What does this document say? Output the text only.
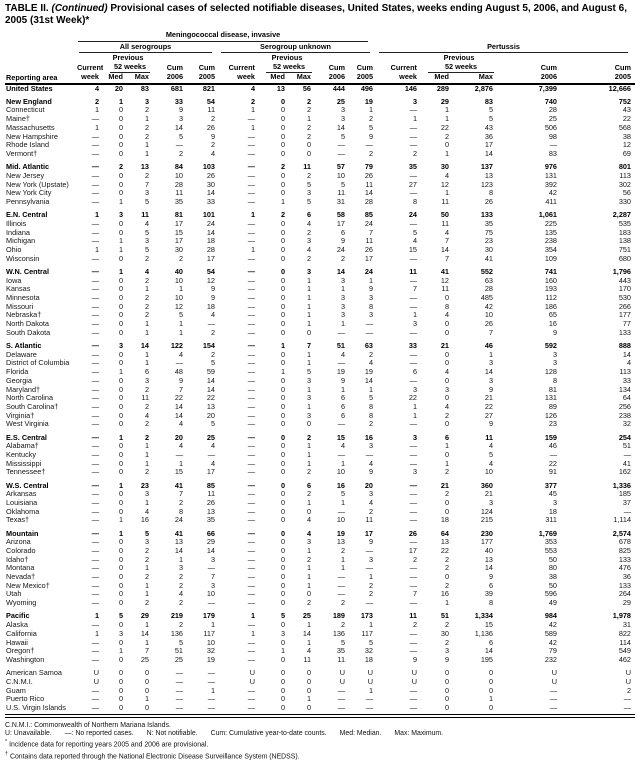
TABLE II. (Continued) Provisional cases of selected notifiable diseases, United States, weeks ending August 5, 2006, and August 6, 2005 (31st Week)*
Reporting area	Meningococcal disease, invasive														

	All serogroups					Serogroup unknown					Pertussis				

		Previous					Previous					Previous			
	Current	52 weeks		Cum	Cum	Current	52 weeks		Cum	Cum	Current	52 weeks		Cum	Cum
	week	Med	Max	2006	2005	week	Med	Max	2006	2005	week	Med	Max	2006	2005
United States	4	20	83	681	821	4	13	56	444	496	146	289	2,876	7,399	12,666
New England	2	1	3	33	54	2	0	2	25	19	3	29	83	740	752
Connecticut	1	0	2	9	11	1	0	2	3	1	—	1	5	28	43
Maine†	—	0	1	3	2	—	0	1	3	2	1	1	5	25	22
Massachusetts	1	0	2	14	26	1	0	2	14	5	—	22	43	506	568
New Hampshire	—	0	2	5	9	—	0	2	5	9	—	2	36	98	38
Rhode Island	—	0	1	—	2	—	0	0	—	—	—	0	17	—	12
Vermont†	—	0	1	2	4	—	0	0	—	2	2	1	14	83	69
Mid. Atlantic	—	2	13	84	103	—	2	11	57	79	35	30	137	976	801
New Jersey	—	0	2	10	26	—	0	2	10	26	—	4	13	131	113
New York (Upstate)	—	0	7	28	30	—	0	5	5	11	27	12	123	392	302
New York City	—	0	3	11	14	—	0	3	11	14	—	1	8	42	56
Pennsylvania	—	1	5	35	33	—	1	5	31	28	8	11	26	411	330
E.N. Central	1	3	11	81	101	1	2	6	58	85	24	50	133	1,061	2,287
Illinois	—	0	4	17	24	—	0	4	17	24	—	11	35	225	535
Indiana	—	0	5	15	14	—	0	2	6	7	5	4	75	135	183
Michigan	—	1	3	17	18	—	0	3	9	11	4	7	23	238	138
Ohio	1	1	5	30	28	1	0	4	24	26	15	14	30	354	751
Wisconsin	—	0	2	2	17	—	0	2	2	17	—	7	41	109	680
W.N. Central	—	1	4	40	54	—	0	3	14	24	11	41	552	741	1,796
Iowa	—	0	2	10	12	—	0	1	3	1	—	12	63	160	443
Kansas	—	0	1	1	9	—	0	1	1	9	7	11	28	193	170
Minnesota	—	0	2	10	9	—	0	1	3	3	—	0	485	112	530
Missouri	—	0	2	12	18	—	0	1	3	8	—	8	42	186	266
Nebraska†	—	0	2	5	4	—	0	1	3	3	1	4	10	65	177
North Dakota	—	0	1	1	—	—	0	1	1	—	3	0	26	16	77
South Dakota	—	0	1	1	2	—	0	0	—	—	—	0	7	9	133
S. Atlantic	—	3	14	122	154	—	1	7	51	63	33	21	46	592	888
Delaware	—	0	1	4	2	—	0	1	4	2	—	0	1	3	14
District of Columbia	—	0	1	—	5	—	0	1	—	4	—	0	3	3	4
Florida	—	1	6	48	59	—	1	5	19	19	6	4	14	128	113
Georgia	—	0	3	9	14	—	0	3	9	14	—	0	3	8	33
Maryland†	—	0	2	7	14	—	0	1	1	1	3	3	9	81	134
North Carolina	—	0	11	22	22	—	0	3	6	5	22	0	21	131	64
South Carolina†	—	0	2	14	13	—	0	1	6	8	1	4	22	89	256
Virginia†	—	0	4	14	20	—	0	3	6	8	1	2	27	126	238
West Virginia	—	0	2	4	5	—	0	0	—	2	—	0	9	23	32
E.S. Central	—	1	2	20	25	—	0	2	15	16	3	6	11	159	254
Alabama†	—	0	1	4	4	—	0	1	4	3	—	1	4	46	51
Kentucky	—	0	1	—	—	—	0	1	—	—	—	0	5	—	—
Mississippi	—	0	1	1	4	—	0	1	1	4	—	1	4	22	41
Tennessee†	—	0	2	15	17	—	0	2	10	9	3	2	10	91	162
W.S. Central	—	1	23	41	85	—	0	6	16	20	—	21	360	377	1,336
Arkansas	—	0	3	7	11	—	0	2	5	3	—	2	21	45	185
Louisiana	—	0	1	2	26	—	0	1	1	4	—	0	3	3	37
Oklahoma	—	0	4	8	13	—	0	0	—	2	—	0	124	18	—
Texas†	—	1	16	24	35	—	0	4	10	11	—	18	215	311	1,114
Mountain	—	1	5	41	66	—	0	4	19	17	26	64	230	1,769	2,574
Arizona	—	0	3	13	29	—	0	3	13	9	—	13	177	353	678
Colorado	—	0	2	14	14	—	0	1	2	—	17	22	40	553	825
Idaho†	—	0	2	1	3	—	0	2	1	3	2	2	13	50	133
Montana	—	0	1	3	—	—	0	1	1	—	—	2	14	80	476
Nevada†	—	0	2	2	7	—	0	1	—	1	—	0	9	38	36
New Mexico†	—	0	1	2	3	—	0	1	—	2	—	2	6	50	133
Utah	—	0	1	4	10	—	0	0	—	2	7	16	39	596	264
Wyoming	—	0	2	2	—	—	0	2	2	—	—	1	8	49	29
Pacific	1	5	29	219	179	1	5	25	189	173	11	51	1,334	984	1,978
Alaska	—	0	1	2	1	—	0	1	2	1	2	2	15	42	31
California	1	3	14	136	117	1	3	14	136	117	—	30	1,136	589	822
Hawaii	—	0	1	5	10	—	0	1	5	5	—	2	6	42	114
Oregon†	—	1	7	51	32	—	1	4	35	32	—	3	14	79	549
Washington	—	0	25	25	19	—	0	11	11	18	9	9	195	232	462
American Samoa	U	0	0	—	—	U	0	0	U	U	U	0	0	U	U
C.N.M.I.	U	0	0	—	—	U	0	0	U	U	U	0	0	U	U
Guam	—	0	0	—	1	—	0	0	—	1	—	0	0	—	2
Puerto Rico	—	0	1	—	—	—	0	1	—	—	—	0	1	—	—
U.S. Virgin Islands	—	0	0	—	—	—	0	0	—	—	—	0	0	—	—
C.N.M.I.: Commonwealth of Northern Mariana Islands.
U: Unavailable. —: No reported cases. N: Not notifiable. Cum: Cumulative year-to-date counts. Med: Median. Max: Maximum.
* Incidence data for reporting years 2005 and 2006 are provisional.
† Contains data reported through the National Electronic Disease Surveillance System (NEDSS).
